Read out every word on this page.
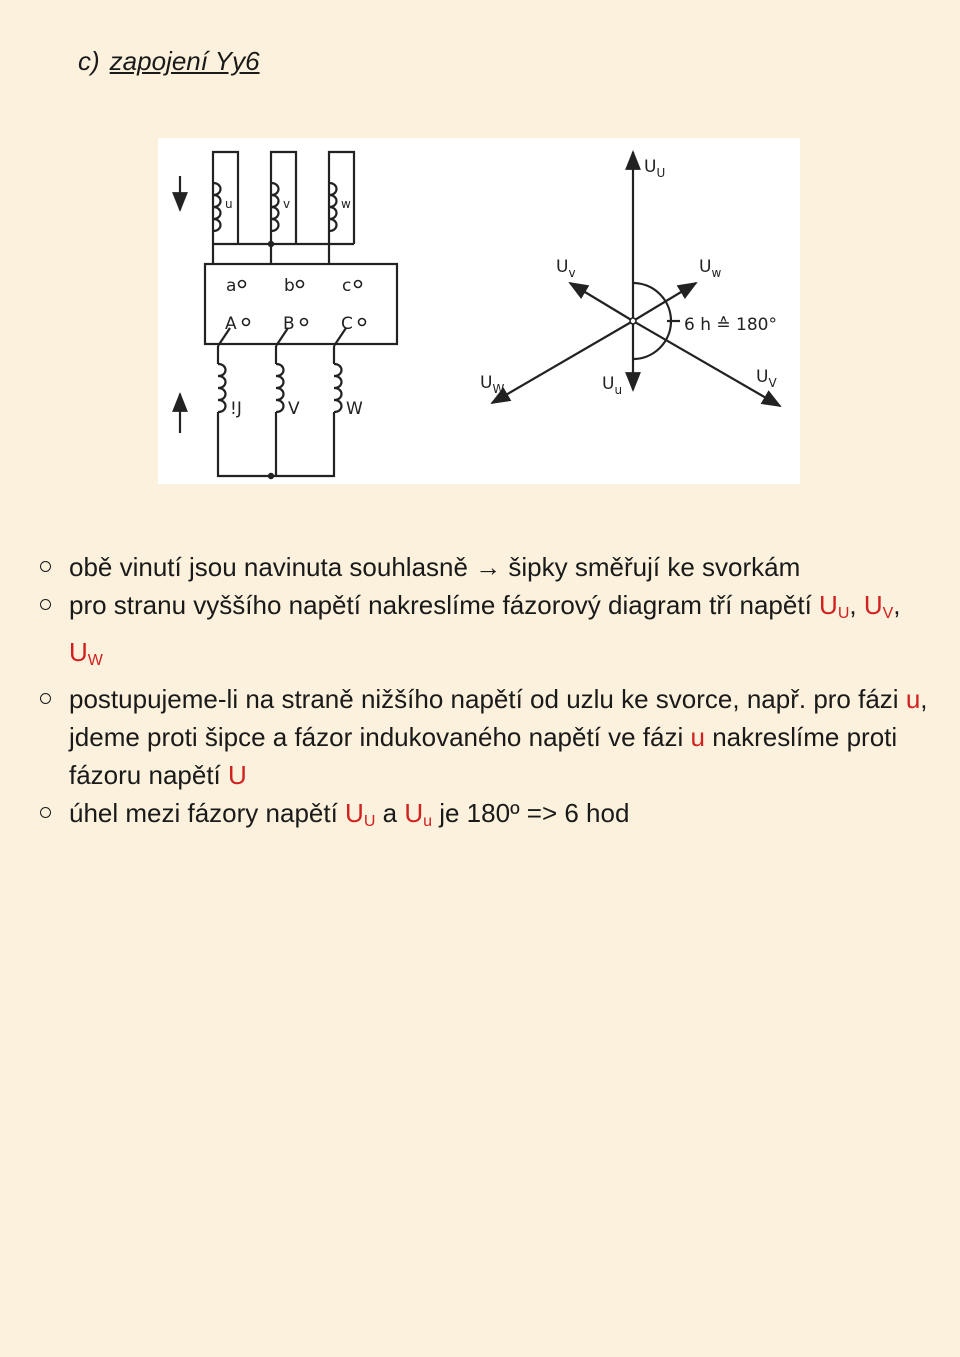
c) zapojení Yy6
u	v	w
a	b	c
A	B	C
!J	V	W
$U_U$
$U_v$	$U_w$
6 h ≙ 180°
$U_W$	$U_u$
$U_V$
obě vinutí jsou navinuta souhlasně → šipky směřují ke svorkám
pro stranu vyššího napětí nakreslíme fázorový diagram tří napětí $U_U$, $U_V$, $U_W$
postupujeme-li na straně nižšího napětí od uzlu ke svorce, např. pro fázi u, jdeme proti šipce a fázor indukovaného napětí ve fázi u nakreslíme proti fázoru napětí U
úhel mezi fázory napětí $U_U$ a $U_u$ je 180º => 6 hod
